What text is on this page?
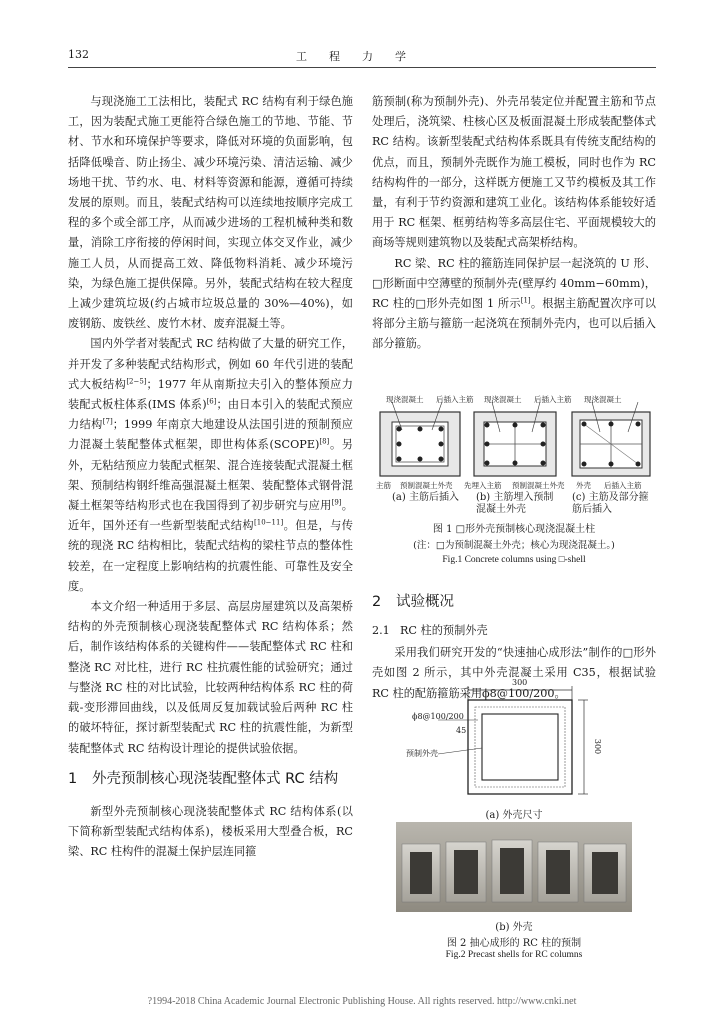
132	工程力学

与现浇施工工法相比，装配式 RC 结构有利于绿色施工，因为装配式施工更能符合绿色施工的节地、节能、节材、节水和环境保护等要求，降低对环境的负面影响，包括降低噪音、防止扬尘、减少环境污染、清洁运输、减少场地干扰、节约水、电、材料等资源和能源，遵循可持续发展的原则。而且，装配式结构可以连续地按顺序完成工程的多个或全部工序，从而减少进场的工程机械种类和数量，消除工序衔接的停闲时间，实现立体交叉作业，减少施工人员，从而提高工效、降低物料消耗、减少环境污染，为绿色施工提供保障。另外，装配式结构在较大程度上减少建筑垃圾(约占城市垃圾总量的 30%—40%)，如废钢筋、废铁丝、废竹木材、废弃混凝土等。

国内外学者对装配式 RC 结构做了大量的研究工作，并开发了多种装配式结构形式，例如 60 年代引进的装配式大板结构[2−5]；1977 年从南斯拉夫引入的整体预应力装配式板柱体系(IMS 体系)[6]；由日本引入的装配式预应力结构[7]；1999 年南京大地建设从法国引进的预制预应力混凝土装配整体式框架，即世构体系(SCOPE)[8]。另外，无粘结预应力装配式框架、混合连接装配式混凝土框架、预制结构钢纤维高强混凝土框架、装配整体式钢骨混凝土框架等结构形式也在我国得到了初步研究与应用[9]。近年，国外还有一些新型装配式结构[10−11]。但是，与传统的现浇 RC 结构相比，装配式结构的梁柱节点的整体性较差，在一定程度上影响结构的抗震性能、可靠性及安全度。

本文介绍一种适用于多层、高层房屋建筑以及高架桥结构的外壳预制核心现浇装配整体式 RC 结构体系；然后，制作该结构体系的关键构件——装配整体式 RC 柱和整浇 RC 对比柱，进行 RC 柱抗震性能的试验研究；通过与整浇 RC 柱的对比试验，比较两种结构体系 RC 柱的荷载-变形滞回曲线，以及低周反复加载试验后两种 RC 柱的破坏特征，探讨新型装配式 RC 柱的抗震性能，为新型装配整体式 RC 结构设计理论的提供试验依据。

1 外壳预制核心现浇装配整体式 RC 结构

新型外壳预制核心现浇装配整体式 RC 结构体系(以下简称新型装配式结构体系)，楼板采用大型叠合板，RC 梁、RC 柱构件的混凝土保护层连同箍

筋预制(称为预制外壳)、外壳吊装定位并配置主筋和节点处理后，浇筑梁、柱核心区及板面混凝土形成装配整体式 RC 结构。该新型装配式结构体系既具有传统支配结构的优点，而且，预制外壳既作为施工模板，同时也作为 RC 结构构件的一部分，这样既方便施工又节约模板及其工作量，有利于节约资源和建筑工业化。该结构体系能较好适用于 RC 框架、框剪结构等多高层住宅、平面规模较大的商场等规则建筑物以及装配式高架桥结构。

RC 梁、RC 柱的箍筋连同保护层一起浇筑的 U 形、□形断面中空薄壁的预制外壳(壁厚约 40mm−60mm)，RC 柱的□形外壳如图 1 所示[1]。根据主筋配置次序可以将部分主筋与箍筋一起浇筑在预制外壳内，也可以后插入部分箍筋。

现浇混凝土 后插入主筋 现浇混凝土 后插入主筋 现浇混凝土
主筋 预制混凝土外壳 先埋入主筋 预制混凝土外壳 外壳 后插入主筋
(a) 主筋后插入	(b) 主筋埋入预制混凝土外壳
(c) 主筋及部分箍筋后插入
图 1 □形外壳预制核心现浇混凝土柱
(注：□为预制混凝土外壳；核心为现浇混凝土。)
Fig.1 Concrete columns using □-shell
2 试验概况
2.1 RC 柱的预制外壳

采用我们研究开发的“快速抽心成形法”制作的□形外壳如图 2 所示，其中外壳混凝土采用 C35，根据试验 RC 柱的配筋箍筋采用ϕ8@100/200。

300
300
ϕ8@100/200
45
预制外壳
(a) 外壳尺寸
(b) 外壳
图 2 抽心成形的 RC 柱的预制
Fig.2 Precast shells for RC columns
?1994-2018 China Academic Journal Electronic Publishing House. All rights reserved. http://www.cnki.net
